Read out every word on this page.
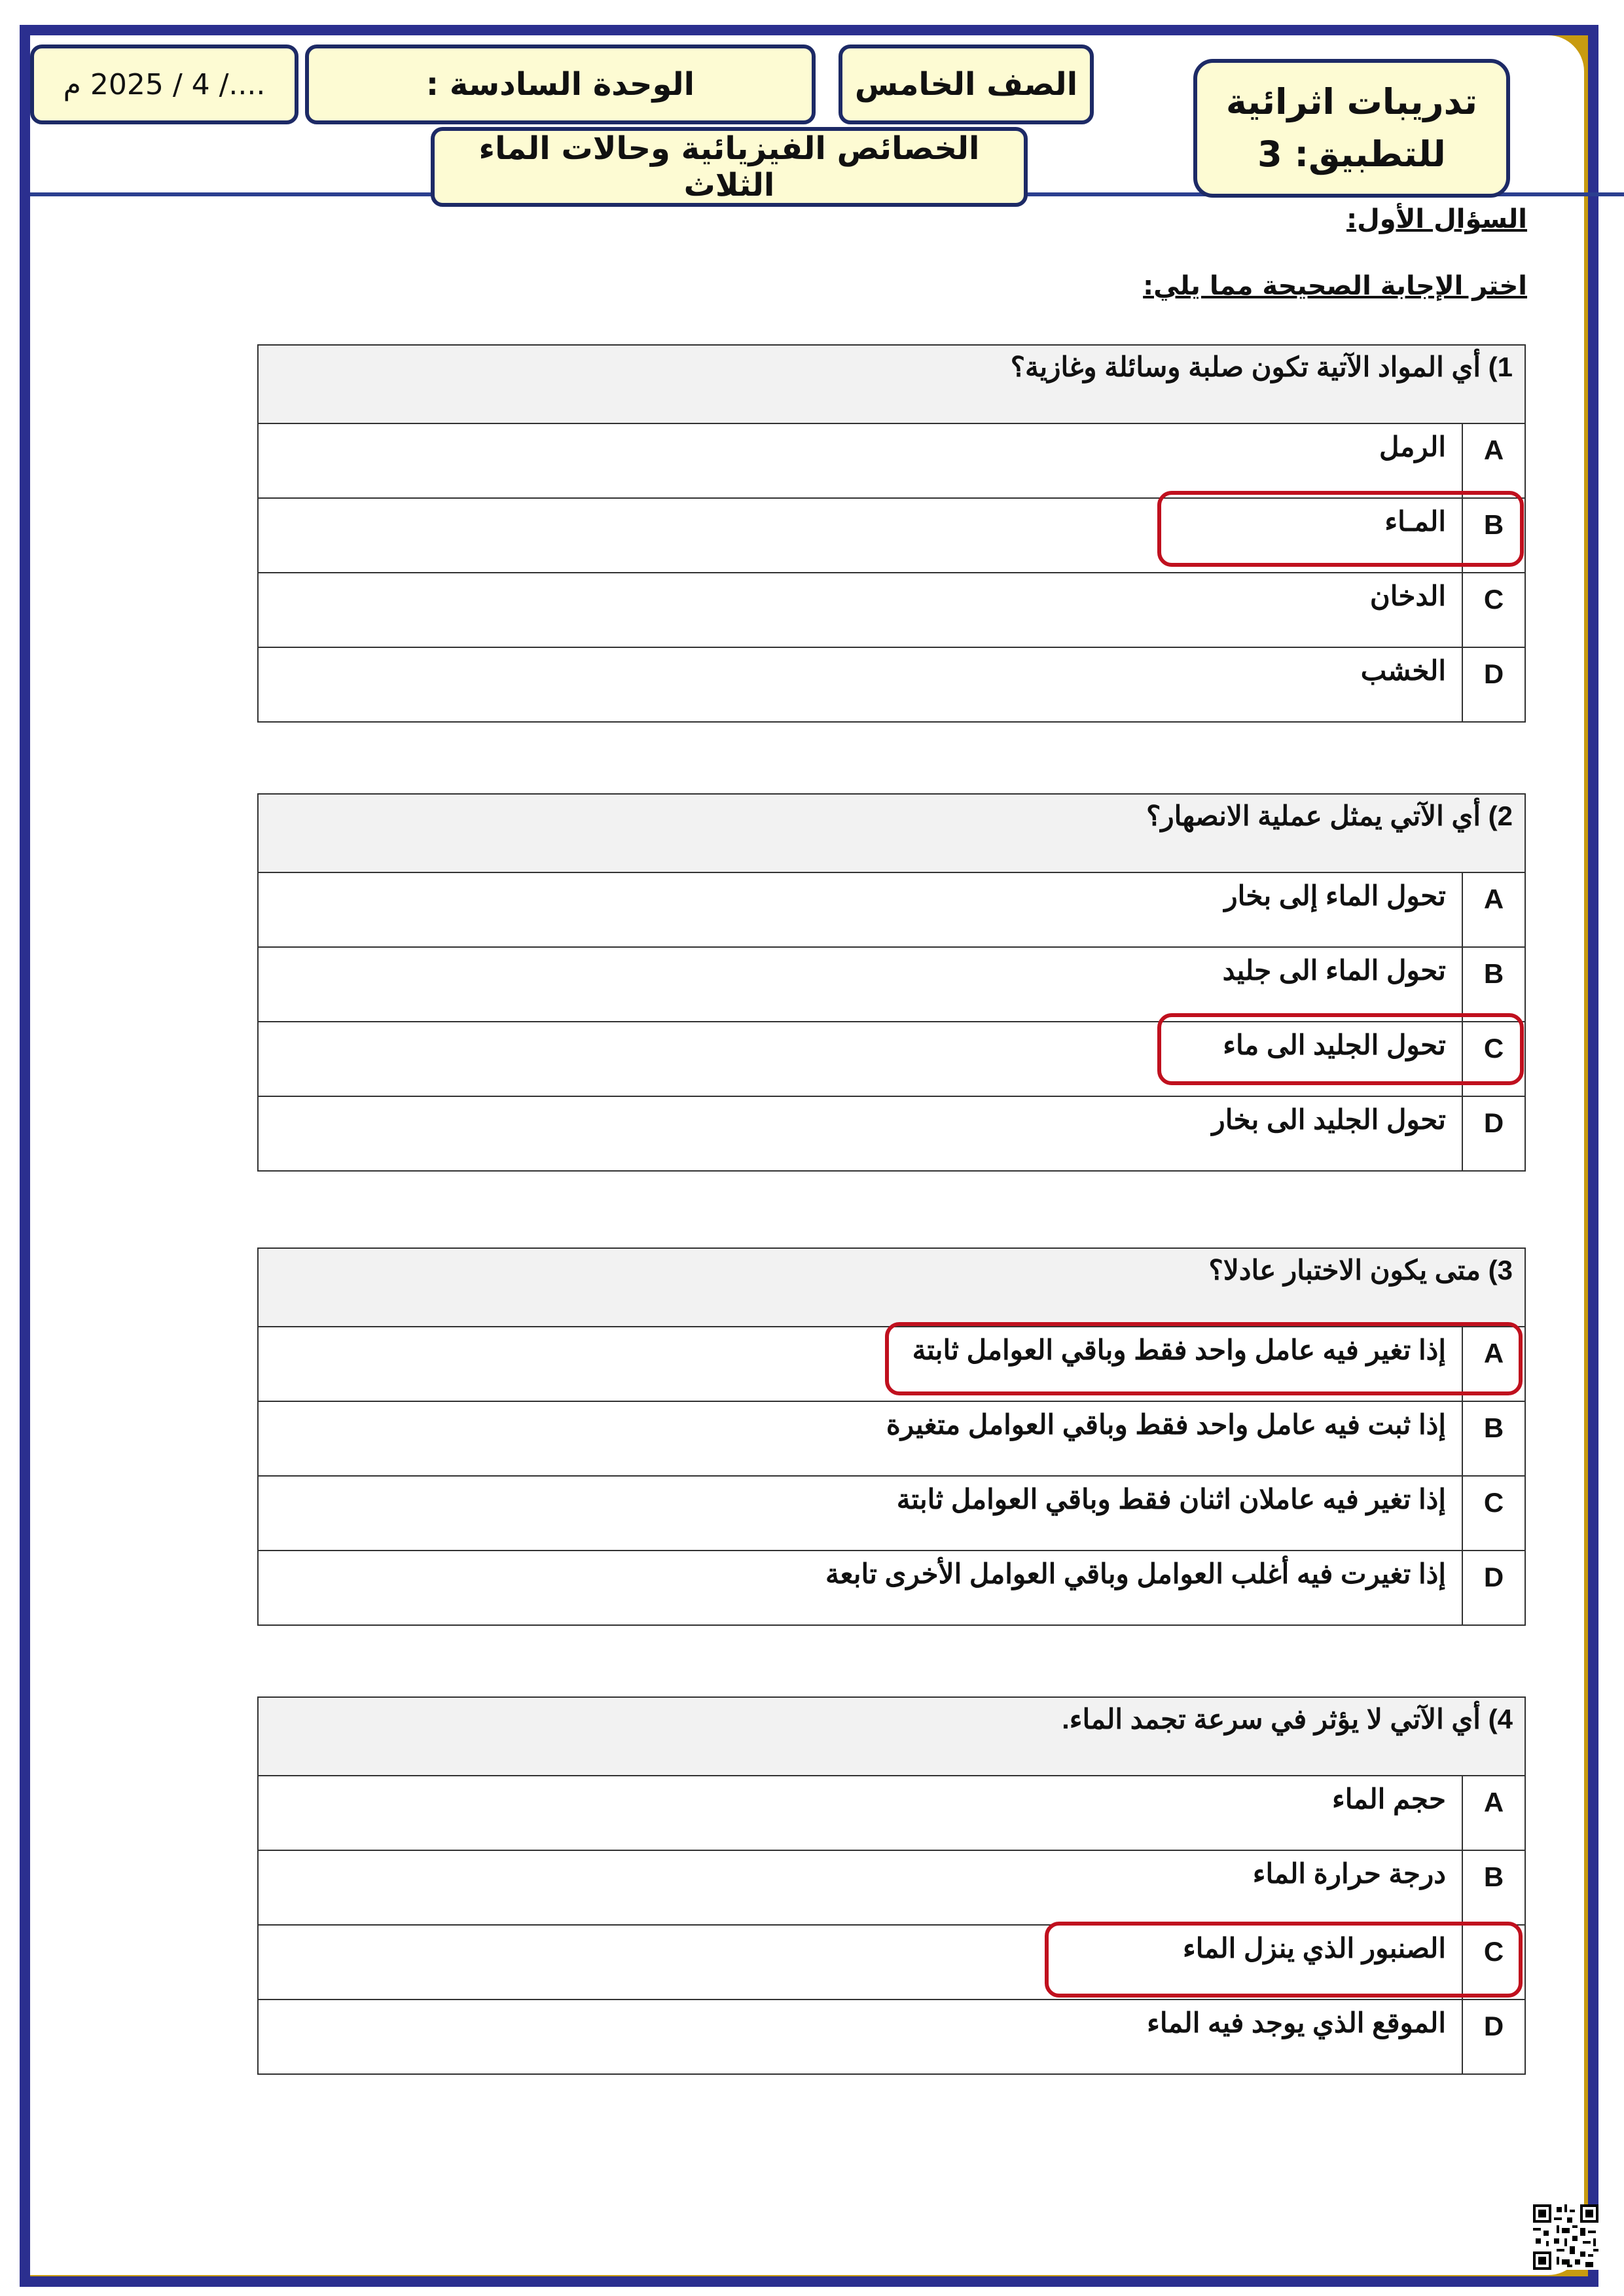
تدريبات اثرائية
للتطبيق: 3
الصف الخامس
الوحدة السادسة :
..../ 4 / 2025 م
الخصائص الفيزيائية وحالات الماء الثلاث
السؤال الأول:
اختر الإجابة الصحيحة مما يلي:
1) أي المواد الآتية تكون صلبة وسائلة وغازية؟	
الرمل	A
المـاء	B
الدخان	C
الخشب	D
2) أي الآتي يمثل عملية الانصهار؟	
تحول الماء إلى بخار	A
تحول الماء الى جليد	B
تحول الجليد الى ماء	C
تحول الجليد الى بخار	D
3) متى يكون الاختبار عادلا؟	
إذا تغير فيه عامل واحد فقط وباقي العوامل ثابتة	A
إذا ثبت فيه عامل واحد فقط وباقي العوامل متغيرة	B
إذا تغير فيه عاملان اثنان فقط وباقي العوامل ثابتة	C
إذا تغيرت فيه أغلب العوامل وباقي العوامل الأخرى تابعة	D
4) أي الآتي لا يؤثر في سرعة تجمد الماء.	
حجم الماء	A
درجة حرارة الماء	B
الصنبور الذي ينزل الماء	C
الموقع الذي يوجد فيه الماء	D
